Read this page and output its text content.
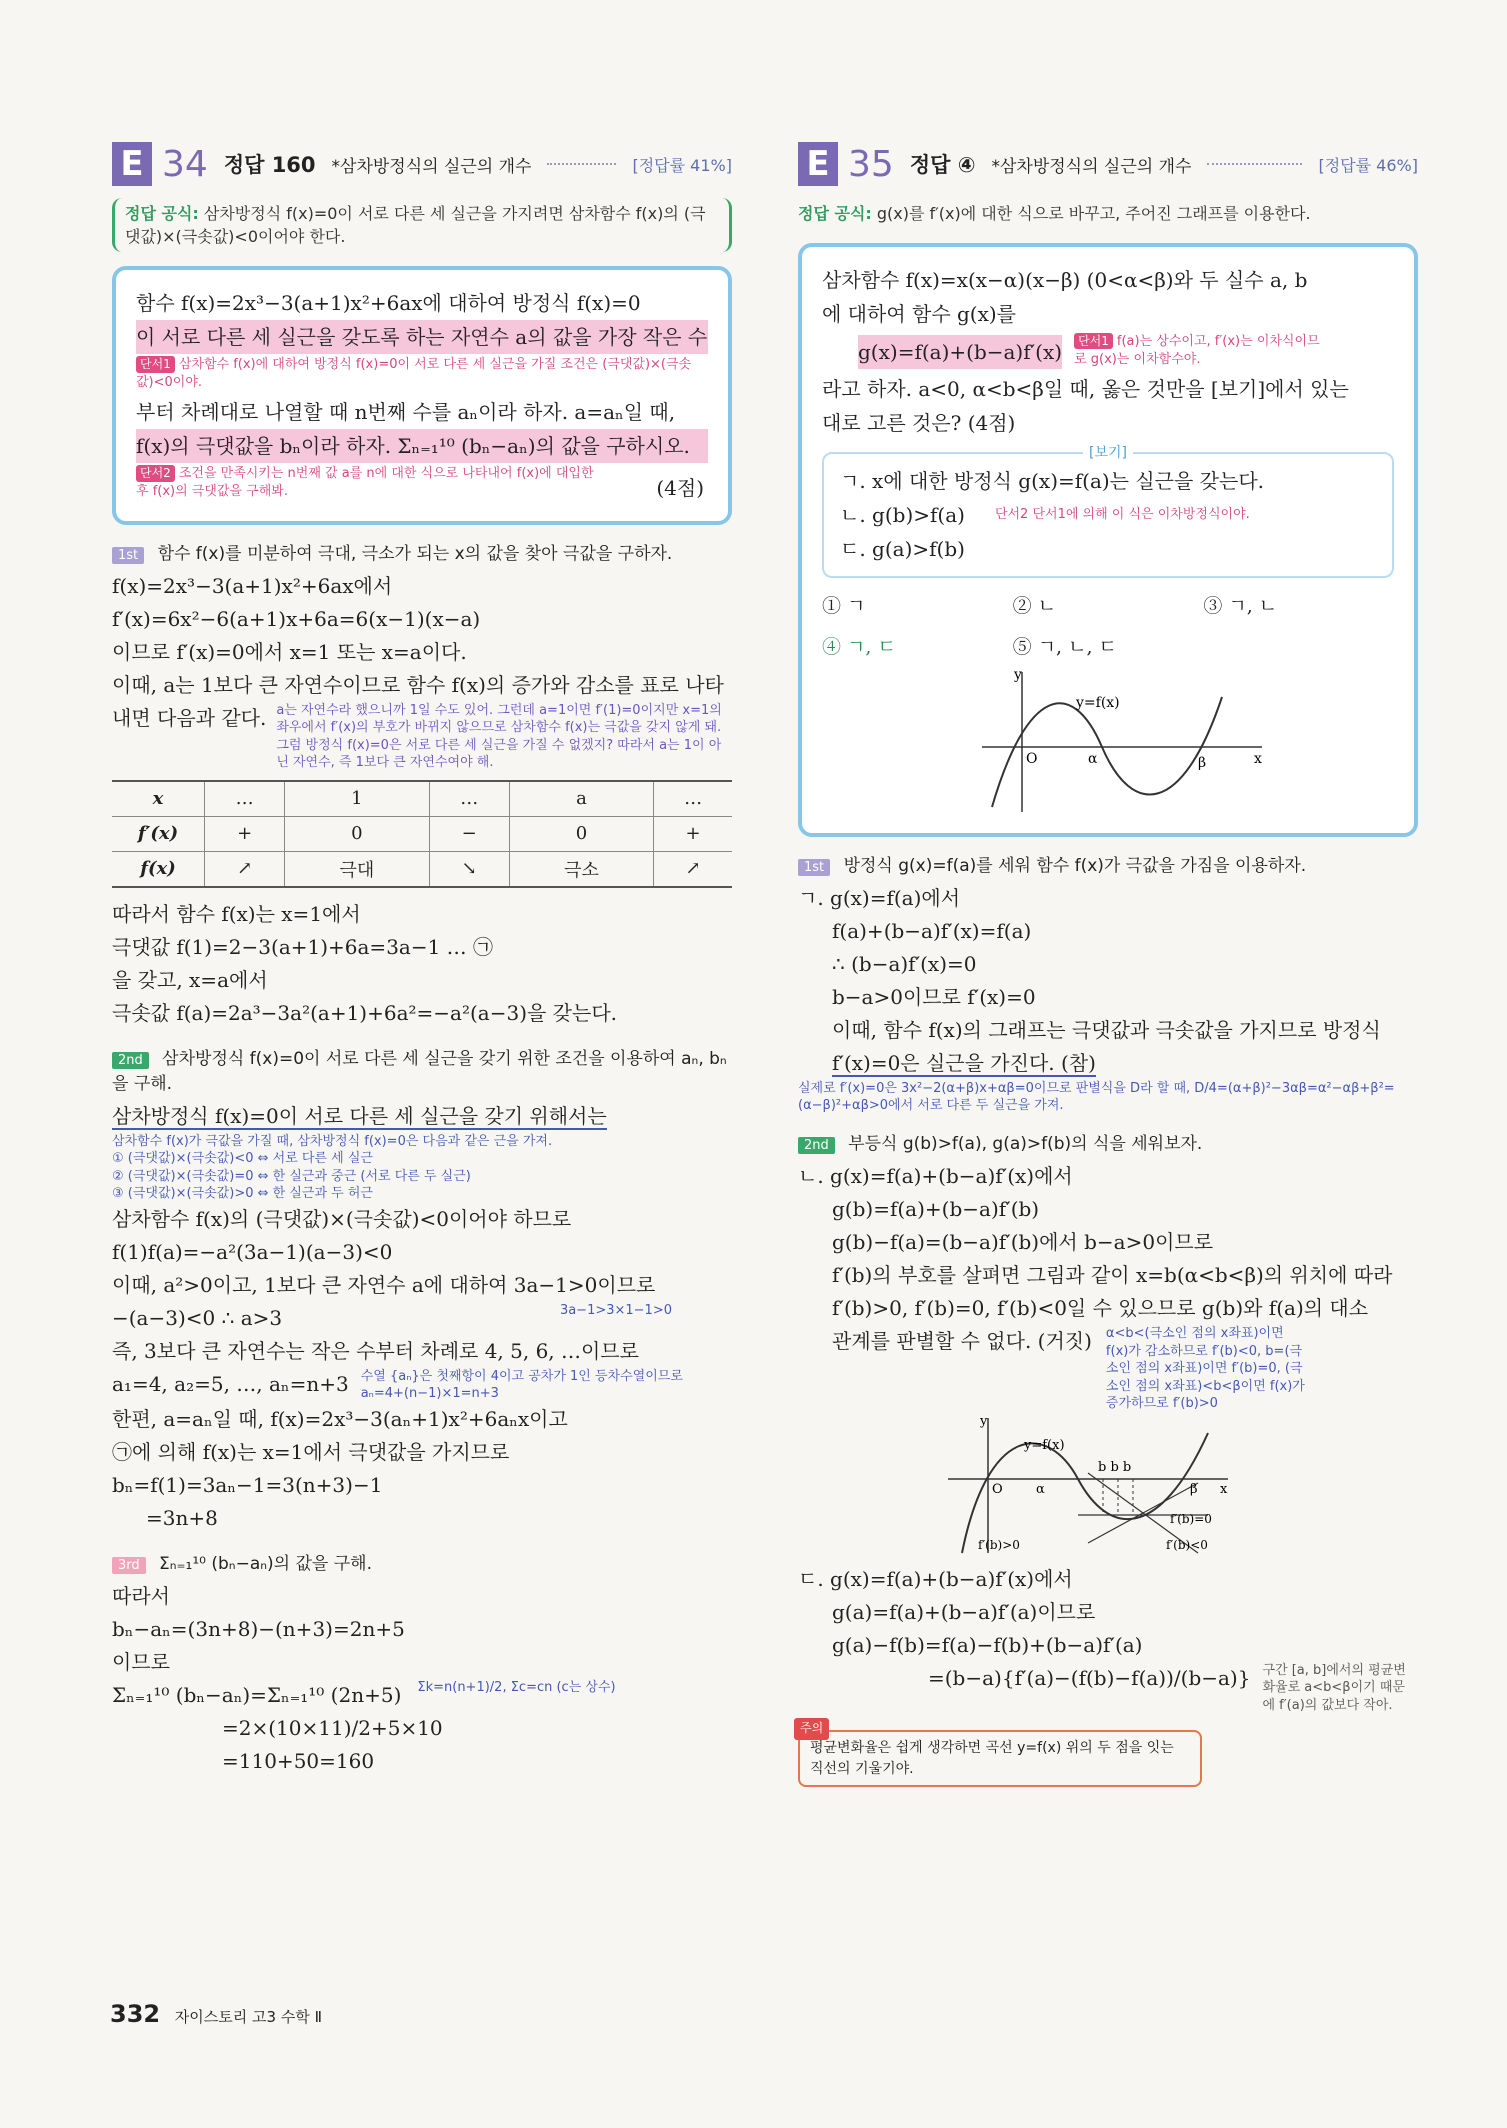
E 34 정답 160 *삼차방정식의 실근의 개수	[정답률 41%]
정답 공식: 삼차방정식 f(x)=0이 서로 다른 세 실근을 가지려면 삼차함수 f(x)의 (극댓값)×(극솟값)<0이어야 한다.
함수 f(x)=2x³−3(a+1)x²+6ax에 대하여 방정식 f(x)=0
이 서로 다른 세 실근을 갖도록 하는 자연수 a의 값을 가장 작은 수
단서1 삼차함수 f(x)에 대하여 방정식 f(x)=0이 서로 다른 세 실근을 가질 조건은 (극댓값)×(극솟값)<0이야.
부터 차례대로 나열할 때 n번째 수를 aₙ이라 하자. a=aₙ일 때,
f(x)의 극댓값을 bₙ이라 하자. Σₙ₌₁¹⁰ (bₙ−aₙ)의 값을 구하시오.
단서2 조건을 만족시키는 n번째 값 a를 n에 대한 식으로 나타내어 f(x)에 대입한 후 f(x)의 극댓값을 구해봐.	(4점)
1st 함수 f(x)를 미분하여 극대, 극소가 되는 x의 값을 찾아 극값을 구하자.
f(x)=2x³−3(a+1)x²+6ax에서
f′(x)=6x²−6(a+1)x+6a=6(x−1)(x−a)
이므로 f′(x)=0에서 x=1 또는 x=a이다.
이때, a는 1보다 큰 자연수이므로 함수 f(x)의 증가와 감소를 표로 나타
내면 다음과 같다. a는 자연수라 했으니까 1일 수도 있어. 그런데 a=1이면 f′(1)=0이지만 x=1의 좌우에서 f′(x)의 부호가 바뀌지 않으므로 삼차함수 f(x)는 극값을 갖지 않게 돼. 그럼 방정식 f(x)=0은 서로 다른 세 실근을 가질 수 없겠지? 따라서 a는 1이 아닌 자연수, 즉 1보다 큰 자연수여야 해.
x	…	1	…	a	…
f′(x)	+	0	−	0	+
f(x)	↗	극대	↘	극소	↗
따라서 함수 f(x)는 x=1에서
극댓값 f(1)=2−3(a+1)+6a=3a−1 … ㉠
을 갖고, x=a에서
극솟값 f(a)=2a³−3a²(a+1)+6a²=−a²(a−3)을 갖는다.
2nd 삼차방정식 f(x)=0이 서로 다른 세 실근을 갖기 위한 조건을 이용하여 aₙ, bₙ을 구해.
삼차방정식 f(x)=0이 서로 다른 세 실근을 갖기 위해서는
삼차함수 f(x)가 극값을 가질 때, 삼차방정식 f(x)=0은 다음과 같은 근을 가져.
① (극댓값)×(극솟값)<0 ⇔ 서로 다른 세 실근
② (극댓값)×(극솟값)=0 ⇔ 한 실근과 중근 (서로 다른 두 실근)
③ (극댓값)×(극솟값)>0 ⇔ 한 실근과 두 허근
삼차함수 f(x)의 (극댓값)×(극솟값)<0이어야 하므로
f(1)f(a)=−a²(3a−1)(a−3)<0
이때, a²>0이고, 1보다 큰 자연수 a에 대하여 3a−1>0이므로
−(a−3)<0 ∴ a>3	3a−1>3×1−1>0
즉, 3보다 큰 자연수는 작은 수부터 차례로 4, 5, 6, …이므로
a₁=4, a₂=5, …, aₙ=n+3 수열 {aₙ}은 첫째항이 4이고 공차가 1인 등차수열이므로 aₙ=4+(n−1)×1=n+3
한편, a=aₙ일 때, f(x)=2x³−3(aₙ+1)x²+6aₙx이고
㉠에 의해 f(x)는 x=1에서 극댓값을 가지므로
bₙ=f(1)=3aₙ−1=3(n+3)−1
=3n+8
3rd Σₙ₌₁¹⁰ (bₙ−aₙ)의 값을 구해.
따라서
bₙ−aₙ=(3n+8)−(n+3)=2n+5
이므로
Σₙ₌₁¹⁰ (bₙ−aₙ)=Σₙ₌₁¹⁰ (2n+5) Σk=n(n+1)/2, Σc=cn (c는 상수)
=2×(10×11)/2+5×10
=110+50=160
E 35 정답 ④ *삼차방정식의 실근의 개수	[정답률 46%]
정답 공식: g(x)를 f′(x)에 대한 식으로 바꾸고, 주어진 그래프를 이용한다.
삼차함수 f(x)=x(x−α)(x−β) (0<α<β)와 두 실수 a, b
에 대하여 함수 g(x)를
g(x)=f(a)+(b−a)f′(x)	단서1 f(a)는 상수이고, f′(x)는 이차식이므로 g(x)는 이차함수야.
라고 하자. a<0, α<b<β일 때, 옳은 것만을 [보기]에서 있는
대로 고른 것은? (4점)
[보기]
ㄱ. x에 대한 방정식 g(x)=f(a)는 실근을 갖는다.
ㄴ. g(b)>f(a) 단서2 단서1에 의해 이 식은 이차방정식이야.
ㄷ. g(a)>f(b)
① ㄱ	② ㄴ	③ ㄱ, ㄴ
④ ㄱ, ㄷ	⑤ ㄱ, ㄴ, ㄷ
y
x
O	α	β
y=f(x)
1st 방정식 g(x)=f(a)를 세워 함수 f(x)가 극값을 가짐을 이용하자.
ㄱ. g(x)=f(a)에서
f(a)+(b−a)f′(x)=f(a)
∴ (b−a)f′(x)=0
b−a>0이므로 f′(x)=0
이때, 함수 f(x)의 그래프는 극댓값과 극솟값을 가지므로 방정식
f′(x)=0은 실근을 가진다. (참)
실제로 f′(x)=0은 3x²−2(α+β)x+αβ=0이므로 판별식을 D라 할 때, D/4=(α+β)²−3αβ=α²−αβ+β²=(α−β)²+αβ>0에서 서로 다른 두 실근을 가져.
2nd 부등식 g(b)>f(a), g(a)>f(b)의 식을 세워보자.
ㄴ. g(x)=f(a)+(b−a)f′(x)에서
g(b)=f(a)+(b−a)f′(b)
g(b)−f(a)=(b−a)f′(b)에서 b−a>0이므로
f′(b)의 부호를 살펴면 그림과 같이 x=b(α<b<β)의 위치에 따라
f′(b)>0, f′(b)=0, f′(b)<0일 수 있으므로 g(b)와 f(a)의 대소
관계를 판별할 수 없다. (거짓) α<b<(극소인 점의 x좌표)이면 f(x)가 감소하므로 f′(b)<0, b=(극소인 점의 x좌표)이면 f′(b)=0, (극소인 점의 x좌표)<b<β이면 f(x)가 증가하므로 f′(b)>0
y
x
O	α	β
b b b
y=f(x)
f′(b)>0
f′(b)=0
f′(b)<0
ㄷ. g(x)=f(a)+(b−a)f′(x)에서
g(a)=f(a)+(b−a)f′(a)이므로
g(a)−f(b)=f(a)−f(b)+(b−a)f′(a)
=(b−a){f′(a)−(f(b)−f(a))/(b−a)} 구간 [a, b]에서의 평균변화율로 a<b<β이기 때문에 f′(a)의 값보다 작아.
주의
평균변화율은 쉽게 생각하면 곡선 y=f(x) 위의 두 점을 잇는 직선의 기울기야.
332 자이스토리 고3 수학 Ⅱ
